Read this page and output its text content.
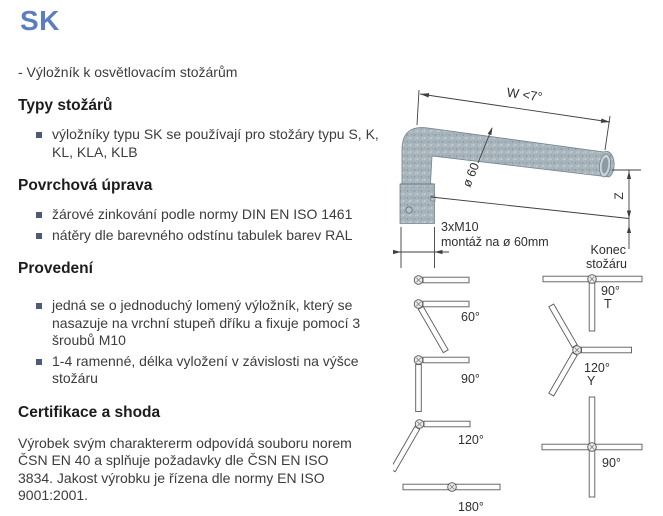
SK

- Výložník k osvětlovacím stožárům

Typy stožárů
výložníky typu SK se používají pro stožáry typu S, K, KL, KLA, KLB
Povrchová úprava
žárové zinkování podle normy DIN EN ISO 1461
nátěry dle barevného odstínu tabulek barev RAL
Provedení
jedná se o jednoduchý lomený výložník, který se nasazuje na vrchní stupeň dříku a fixuje pomocí 3 šroubů M10
1-4 ramenné, délka vyložení v závislosti na výšce stožáru
Certifikace a shoda

Výrobek svým charaktererm odpovídá souboru norem ČSN EN 40 a splňuje požadavky dle ČSN EN ISO 3834. Jakost výrobku je řízena dle normy EN ISO 9001:2001.

W <7°
ø 60
Z
3xM10
montáž na ø 60mm
Konec
stožáru
60°
90°
120°
180°
90°
T
120°
Y
90°
